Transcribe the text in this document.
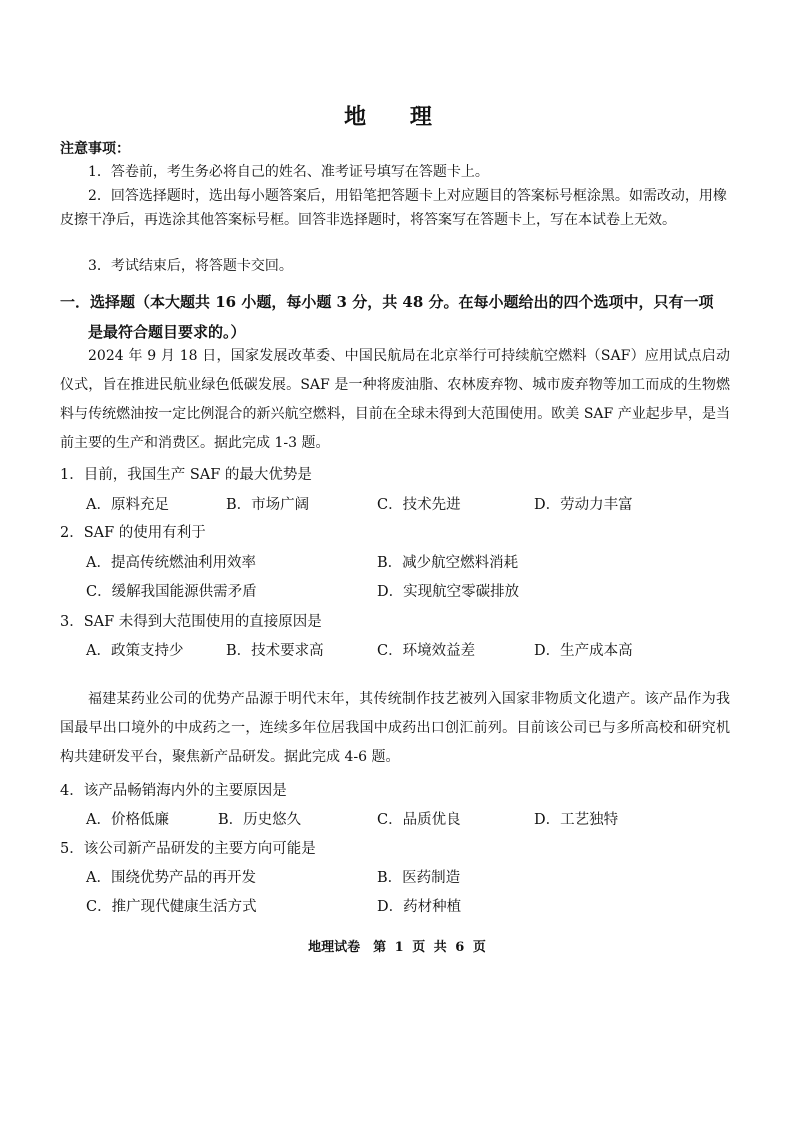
地 理
注意事项：
1．答卷前，考生务必将自己的姓名、准考证号填写在答题卡上。
2．回答选择题时，选出每小题答案后，用铅笔把答题卡上对应题目的答案标号框涂黑。如需改动，用橡皮擦干净后，再选涂其他答案标号框。回答非选择题时，将答案写在答题卡上，写在本试卷上无效。
3．考试结束后，将答题卡交回。
一．选择题（本大题共 16 小题，每小题 3 分，共 48 分。在每小题给出的四个选项中，只有一项
是最符合题目要求的。）
2024 年 9 月 18 日，国家发展改革委、中国民航局在北京举行可持续航空燃料（SAF）应用试点启动仪式，旨在推进民航业绿色低碳发展。SAF 是一种将废油脂、农林废弃物、城市废弃物等加工而成的生物燃料与传统燃油按一定比例混合的新兴航空燃料，目前在全球未得到大范围使用。欧美 SAF 产业起步早，是当前主要的生产和消费区。据此完成 1-3 题。
1．目前，我国生产 SAF 的最大优势是
A．原料充足	B．市场广阔	C．技术先进	D．劳动力丰富
2．SAF 的使用有利于
A．提高传统燃油利用效率	B．减少航空燃料消耗
C．缓解我国能源供需矛盾	D．实现航空零碳排放
3．SAF 未得到大范围使用的直接原因是
A．政策支持少	B．技术要求高	C．环境效益差	D．生产成本高
福建某药业公司的优势产品源于明代末年，其传统制作技艺被列入国家非物质文化遗产。该产品作为我国最早出口境外的中成药之一，连续多年位居我国中成药出口创汇前列。目前该公司已与多所高校和研究机构共建研发平台，聚焦新产品研发。据此完成 4-6 题。
4．该产品畅销海内外的主要原因是
A．价格低廉	B．历史悠久	C．品质优良	D．工艺独特
5．该公司新产品研发的主要方向可能是
A．围绕优势产品的再开发	B．医药制造
C．推广现代健康生活方式	D．药材种植
地理试卷　第 1 页 共 6 页
